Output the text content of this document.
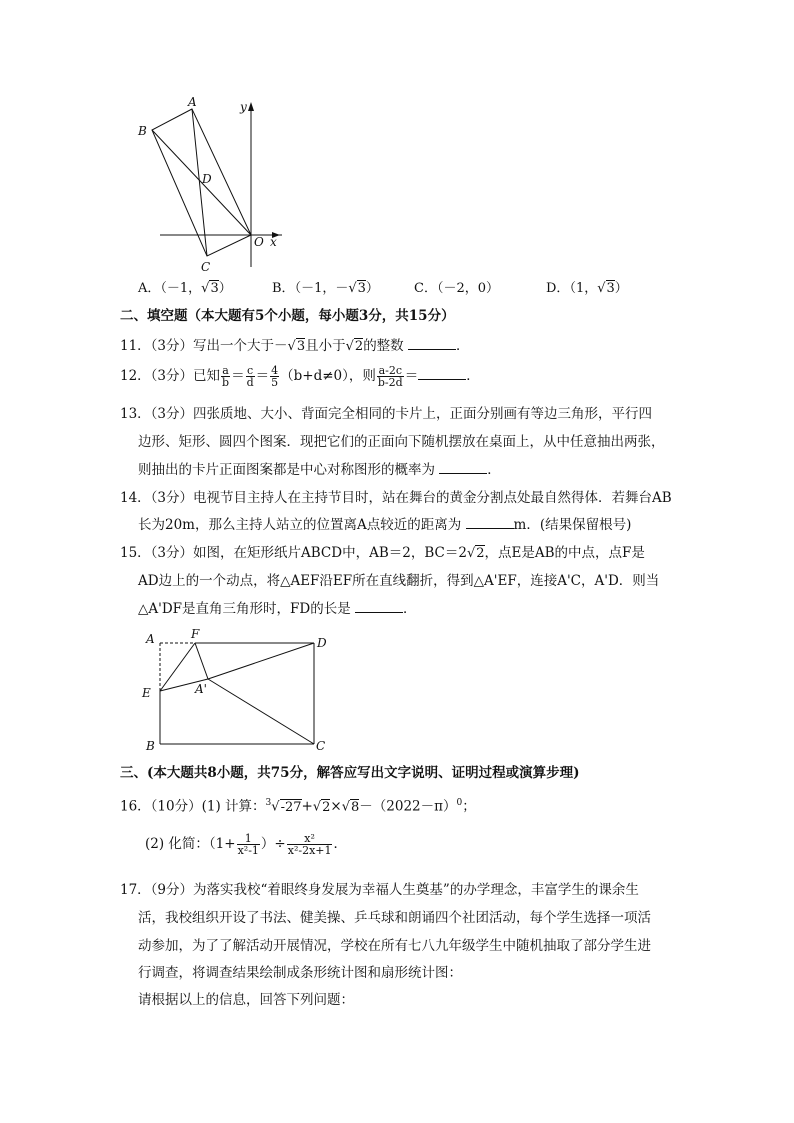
A
B
C
D
O x
y
A．（－1，√3）	B．（－1，－√3）	C．（－2，0）	D．（1，√3）
二、填空题（本大题有5个小题，每小题3分，共15分）
11．（3分）写出一个大于－√3且小于√2的整数	．
12．（3分）已知 $\frac{a}{b} = \frac{c}{d} = \frac{4}{5} (b+d\ne 0)$，则 $\frac{a-2c}{b-2d}$ ＝	．
13．（3分）四张质地、大小、背面完全相同的卡片上，正面分别画有等边三角形，平行四
边形、矩形、圆四个图案．现把它们的正面向下随机摆放在桌面上，从中任意抽出两张，
则抽出的卡片正面图案都是中心对称图形的概率为	．
14．（3分）电视节目主持人在主持节目时，站在舞台的黄金分割点处最自然得体．若舞台AB
长为20m，那么主持人站立的位置离A点较近的距离为	m．(结果保留根号)
15．（3分）如图，在矩形纸片ABCD中，AB＝2，BC＝2√2，点E是AB的中点，点F是
AD边上的一个动点，将△AEF沿EF所在直线翻折，得到△A'EF，连接A'C，A'D．则当
△A'DF是直角三角形时，FD的长是	．
A	F
D
E	A'
B	C
三、(本大题共8小题，共75分，解答应写出文字说明、证明过程或演算步理)
16．（10分）(1) 计算：$^3√-27+√2\times√8-(2022-\pi)^0$；
(2) 化简：（$1+ \frac{1}{\text{x²-1}}$ ）÷ $\frac{\text{x²}}{\text{x²-2x+1}}$ ．
17．（9分）为落实我校“着眼终身发展为幸福人生奠基”的办学理念，丰富学生的课余生
活，我校组织开设了书法、健美操、乒乓球和朗诵四个社团活动，每个学生选择一项活
动参加，为了了解活动开展情况，学校在所有七八九年级学生中随机抽取了部分学生进
行调查，将调查结果绘制成条形统计图和扇形统计图：
请根据以上的信息，回答下列问题：
